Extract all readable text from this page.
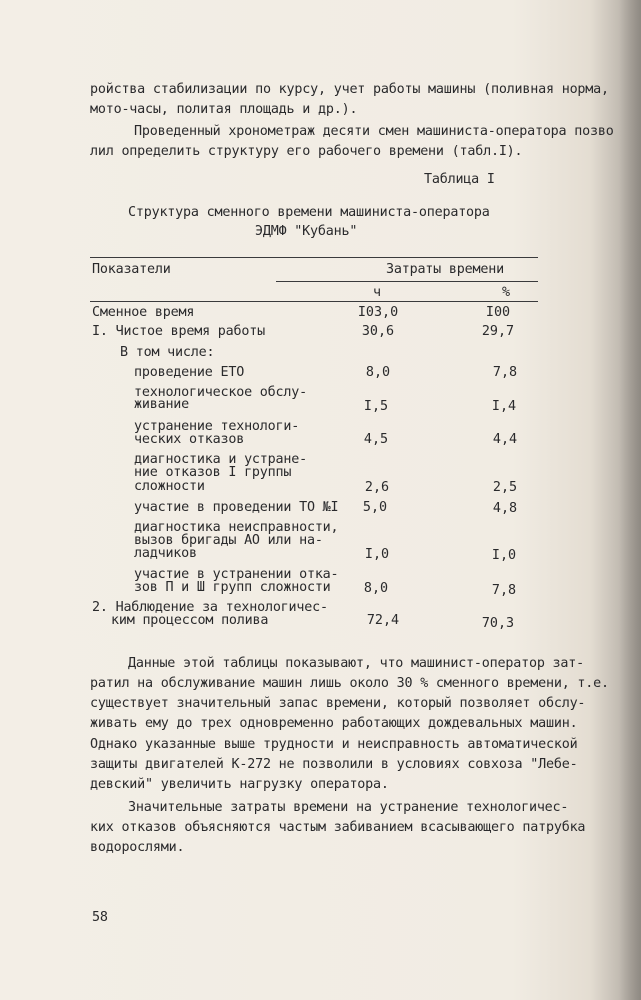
ройства стабилизации по курсу, учет работы машины (поливная норма,
мото-часы, политая площадь и др.).
Проведенный хронометраж десяти смен машиниста-оператора позво
лил определить структуру его рабочего времени (табл.I).
Таблица I
Структура сменного времени машиниста-оператора
ЭДМФ "Кубань"
Показатели	Затраты времени
ч	%
Сменное время	I03,0	I00
I. Чистое время работы	30,6	29,7
В том числе:
проведение ЕТО	8,0	7,8
технологическое обслу-
живание	I,5	I,4
устранение технологи-
ческих отказов	4,5	4,4
диагностика и устране-
ние отказов I группы
сложности	2,6	2,5
участие в проведении ТО №I	5,0	4,8
диагностика неисправности,
вызов бригады АО или на-
ладчиков	I,0	I,0
участие в устранении отка-
зов П и Ш групп сложности	8,0	7,8
2. Наблюдение за технологичес-
ким процессом полива	72,4	70,3
Данные этой таблицы показывают, что машинист-оператор зат-
ратил на обслуживание машин лишь около 30 % сменного времени, т.е.
существует значительный запас времени, который позволяет обслу-
живать ему до трех одновременно работающих дождевальных машин.
Однако указанные выше трудности и неисправность автоматической
защиты двигателей К-272 не позволили в условиях совхоза "Лебе-
девский" увеличить нагрузку оператора.
Значительные затраты времени на устранение технологичес-
ких отказов объясняются частым забиванием всасывающего патрубка
водорослями.
58
